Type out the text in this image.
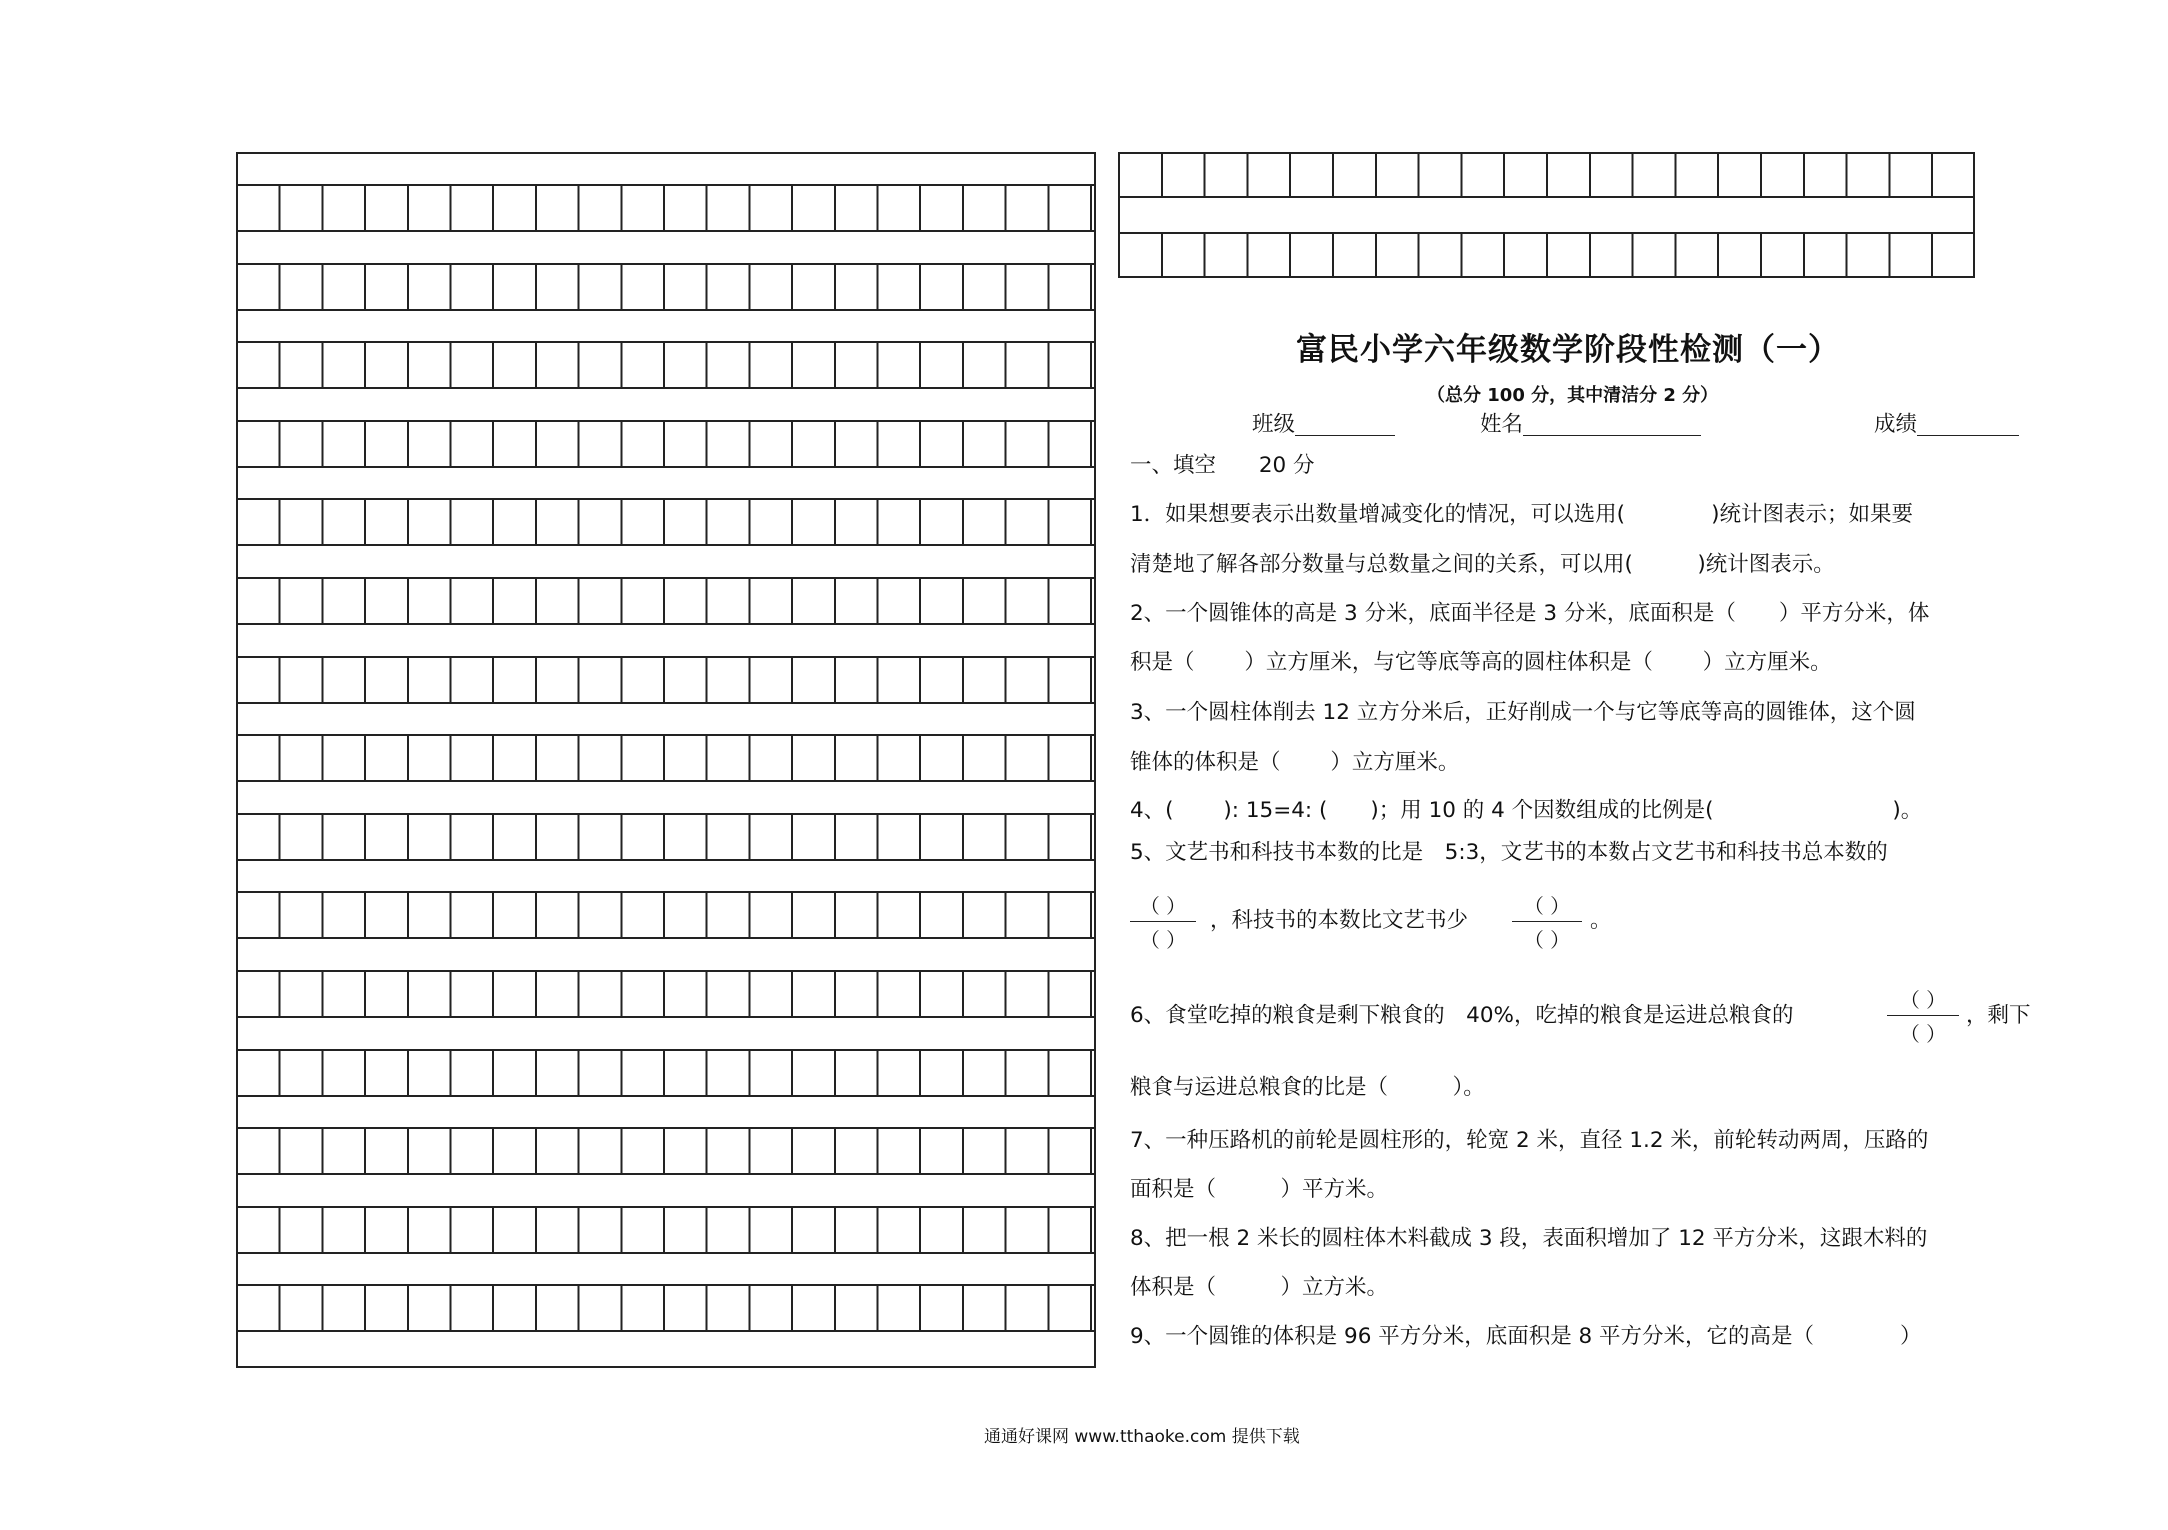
富民小学六年级数学阶段性检测（一）
（总分 100 分，其中清洁分 2 分）
班级	姓名	成绩
一、填空 20 分
1．如果想要表示出数量增减变化的情况，可以选用(　　　　)统计图表示；如果要
清楚地了解各部分数量与总数量之间的关系，可以用(　　　)统计图表示。
2、一个圆锥体的高是 3 分米，底面半径是 3 分米，底面积是（　　）平方分米，体
积是（　　 ）立方厘米，与它等底等高的圆柱体积是（　　 ）立方厘米。
3、一个圆柱体削去 12 立方分米后，正好削成一个与它等底等高的圆锥体，这个圆
锥体的体积是（　　 ）立方厘米。
4、(　　 ): 15=4: (　　)；用 10 的 4 个因数组成的比例是(　　　　　　　　 )。
5、文艺书和科技书本数的比是　5:3，文艺书的本数占文艺书和科技书总本数的
（ ）
（ ）
，科技书的本数比文艺书少
（ ）
（ ）
。
6、食堂吃掉的粮食是剩下粮食的　40%，吃掉的粮食是运进总粮食的
（ ）
（ ）
，剩下
粮食与运进总粮食的比是（　　　）。
7、一种压路机的前轮是圆柱形的，轮宽 2 米，直径 1.2 米，前轮转动两周，压路的
面积是（　　　）平方米。
8、把一根 2 米长的圆柱体木料截成 3 段，表面积增加了 12 平方分米，这跟木料的
体积是（　　　）立方米。
9、一个圆锥的体积是 96 平方分米，底面积是 8 平方分米，它的高是（　　　　）
通通好课网 www.tthaoke.com 提供下载
